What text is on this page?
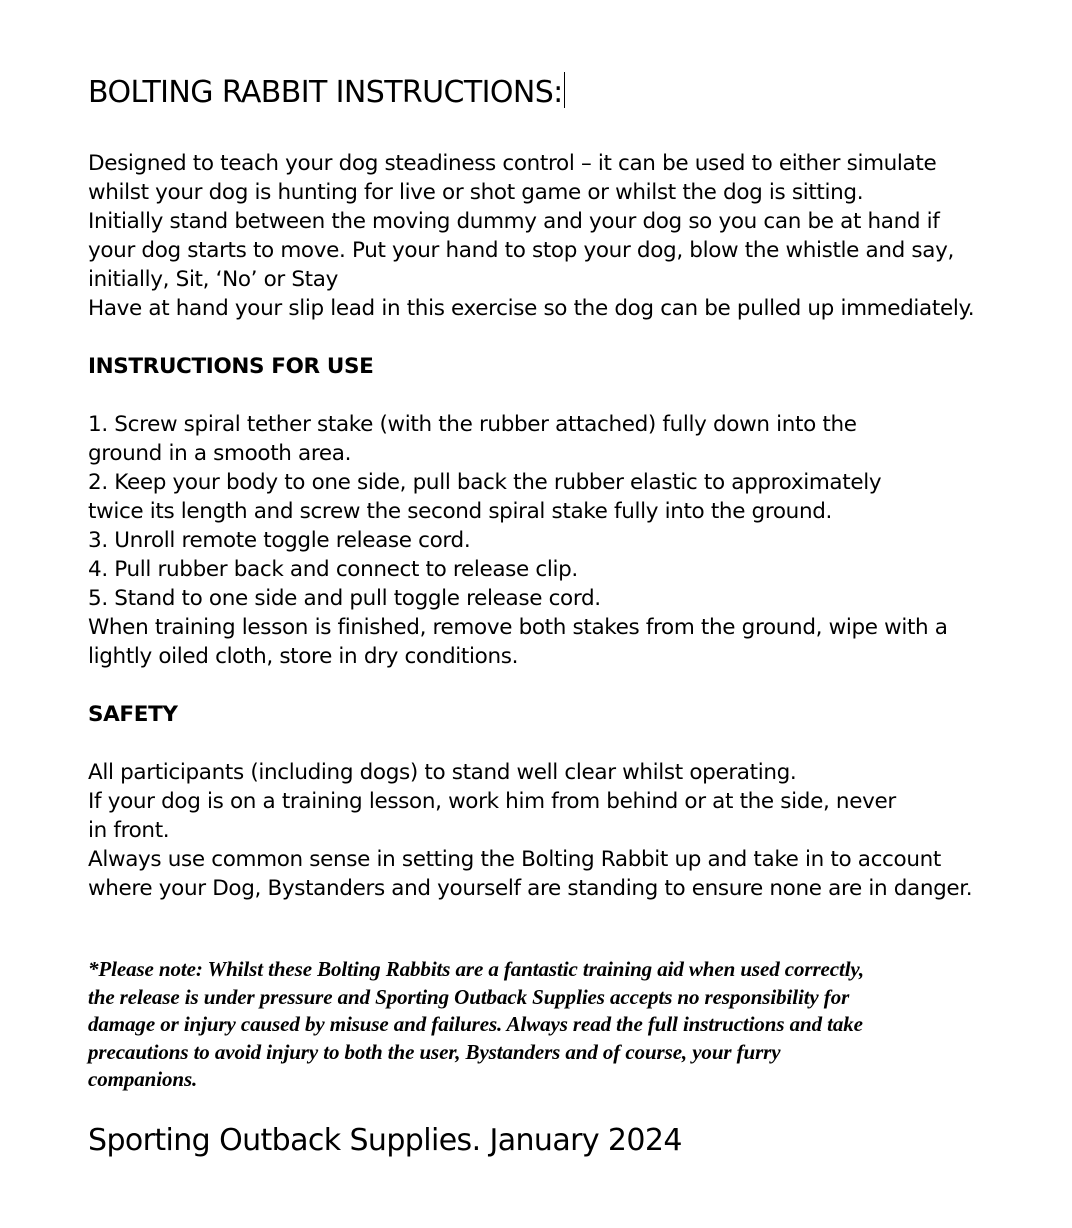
BOLTING RABBIT INSTRUCTIONS:
Designed to teach your dog steadiness control – it can be used to either simulate
whilst your dog is hunting for live or shot game or whilst the dog is sitting.
Initially stand between the moving dummy and your dog so you can be at hand if
your dog starts to move. Put your hand to stop your dog, blow the whistle and say,
initially, Sit, ‘No’ or Stay
Have at hand your slip lead in this exercise so the dog can be pulled up immediately.
INSTRUCTIONS FOR USE
1. Screw spiral tether stake (with the rubber attached) fully down into the
ground in a smooth area.
2. Keep your body to one side, pull back the rubber elastic to approximately
twice its length and screw the second spiral stake fully into the ground.
3. Unroll remote toggle release cord.
4. Pull rubber back and connect to release clip.
5. Stand to one side and pull toggle release cord.
When training lesson is finished, remove both stakes from the ground, wipe with a
lightly oiled cloth, store in dry conditions.
SAFETY
All participants (including dogs) to stand well clear whilst operating.
If your dog is on a training lesson, work him from behind or at the side, never
in front.
Always use common sense in setting the Bolting Rabbit up and take in to account
where your Dog, Bystanders and yourself are standing to ensure none are in danger.
*Please note: Whilst these Bolting Rabbits are a fantastic training aid when used correctly,
the release is under pressure and Sporting Outback Supplies accepts no responsibility for
damage or injury caused by misuse and failures. Always read the full instructions and take
precautions to avoid injury to both the user, Bystanders and of course, your furry
companions.
Sporting Outback Supplies. January 2024
